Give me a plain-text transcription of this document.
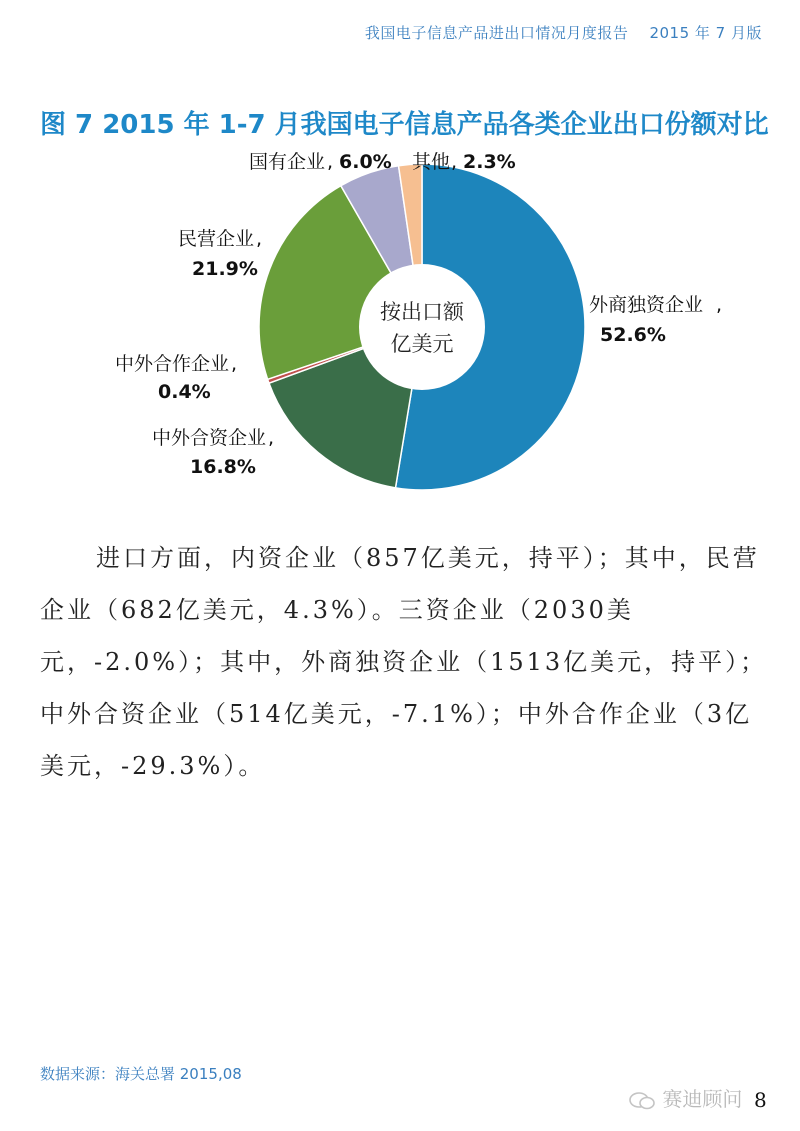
我国电子信息产品进出口情况月度报告 2015 年 7 月版
图 7 2015 年 1-7 月我国电子信息产品各类企业出口份额对比
按出口额
亿美元
外商独资企业 ,
52.6%
中外合资企业 ,
16.8%
中外合作企业 ,
0.4%
民营企业 ,
21.9%
国有企业 , 6.0% 其他 , 2.3%

进口方面，内资企业（857亿美元，持平）；其中，民营企业（682亿美元，4.3%）。三资企业（2030美元，-2.0%）；其中，外商独资企业（1513亿美元，持平）；中外合资企业（514亿美元，-7.1%）；中外合作企业（3亿美元，-29.3%）。

数据来源：海关总署 2015,08
赛迪顾问 8
